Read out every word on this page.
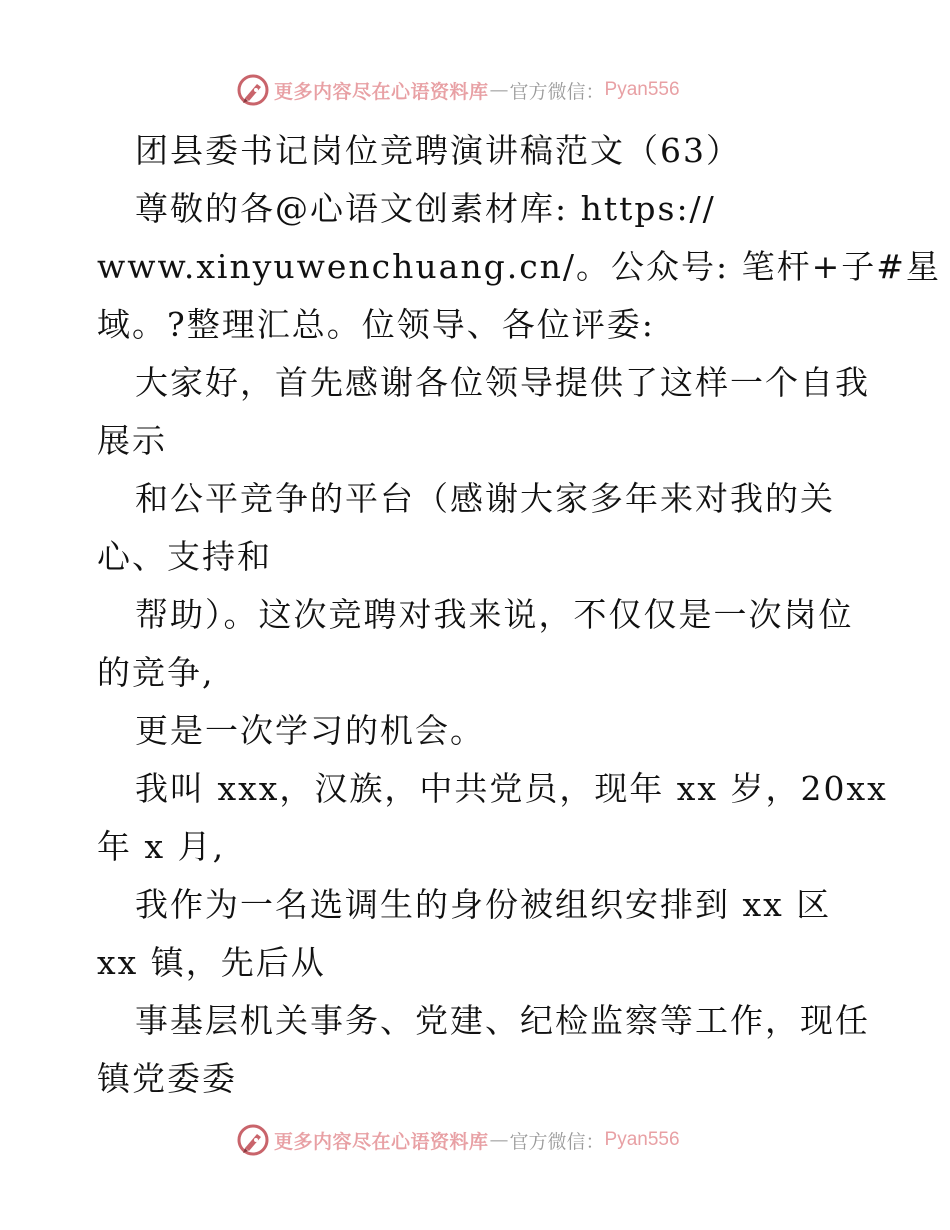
更多内容尽在心语资料库 — 官方微信： Pyan556
团县委书记岗位竞聘演讲稿范文（63）
尊敬的各@心语文创素材库: https://
www.xinyuwenchuang.cn/。公众号: 笔杆+子#星
域。?整理汇总。位领导、各位评委:
大家好，首先感谢各位领导提供了这样一个自我
展示
和公平竞争的平台（感谢大家多年来对我的关
心、支持和
帮助）。这次竞聘对我来说，不仅仅是一次岗位
的竞争,
更是一次学习的机会。
我叫 xxx，汉族，中共党员，现年 xx 岁，20xx
年 x 月,
我作为一名选调生的身份被组织安排到 xx 区
xx 镇，先后从
事基层机关事务、党建、纪检监察等工作，现任
镇党委委
更多内容尽在心语资料库 — 官方微信： Pyan556
